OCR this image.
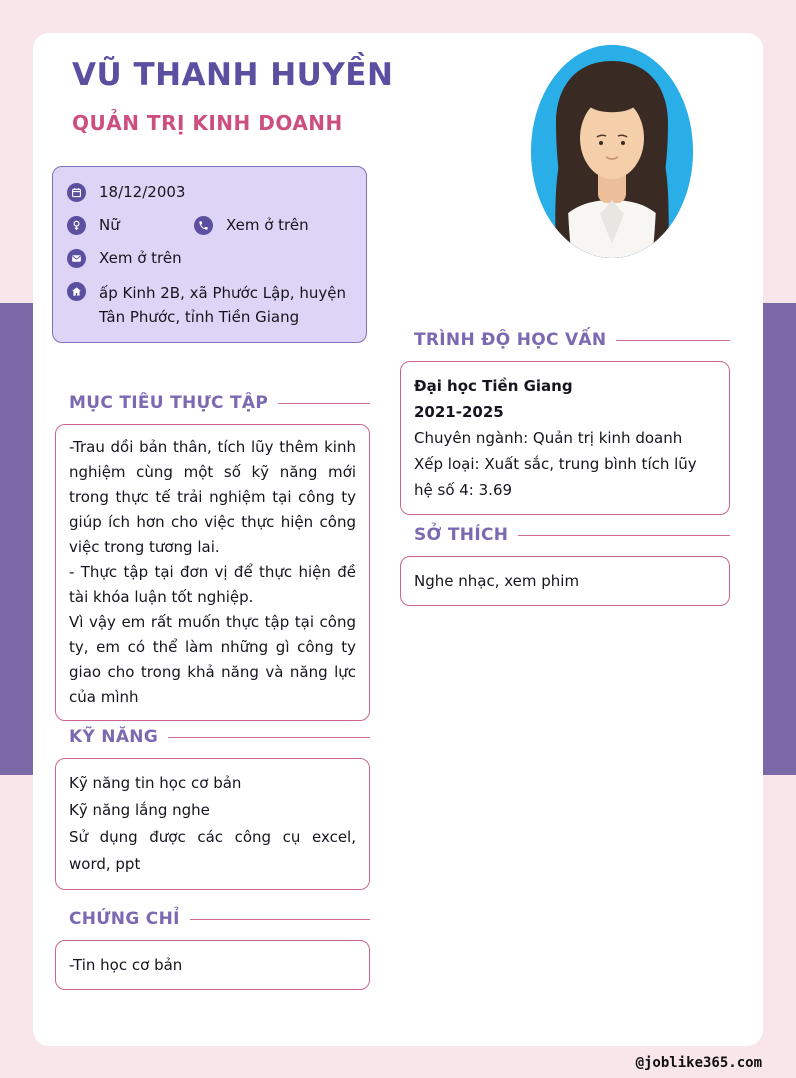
VŨ THANH HUYỀN
QUẢN TRỊ KINH DOANH
18/12/2003
Nữ	Xem ở trên
Xem ở trên
ấp Kinh 2B, xã Phước Lập, huyện Tân Phước, tỉnh Tiền Giang
MỤC TIÊU THỰC TẬP

-Trau dồi bản thân, tích lũy thêm kinh nghiệm cùng một số kỹ năng mới trong thực tế trải nghiệm tại công ty giúp ích hơn cho việc thực hiện công việc trong tương lai.

- Thực tập tại đơn vị để thực hiện đề tài khóa luận tốt nghiệp.

Vì vậy em rất muốn thực tập tại công ty, em có thể làm những gì công ty giao cho trong khả năng và năng lực của mình

KỸ NĂNG
Kỹ năng tin học cơ bản
Kỹ năng lắng nghe
Sử dụng được các công cụ excel, word, ppt
CHỨNG CHỈ
-Tin học cơ bản
TRÌNH ĐỘ HỌC VẤN
Đại học Tiền Giang
2021-2025
Chuyên ngành: Quản trị kinh doanh
Xếp loại: Xuất sắc, trung bình tích lũy hệ số 4: 3.69
SỞ THÍCH
Nghe nhạc, xem phim
@joblike365.com
